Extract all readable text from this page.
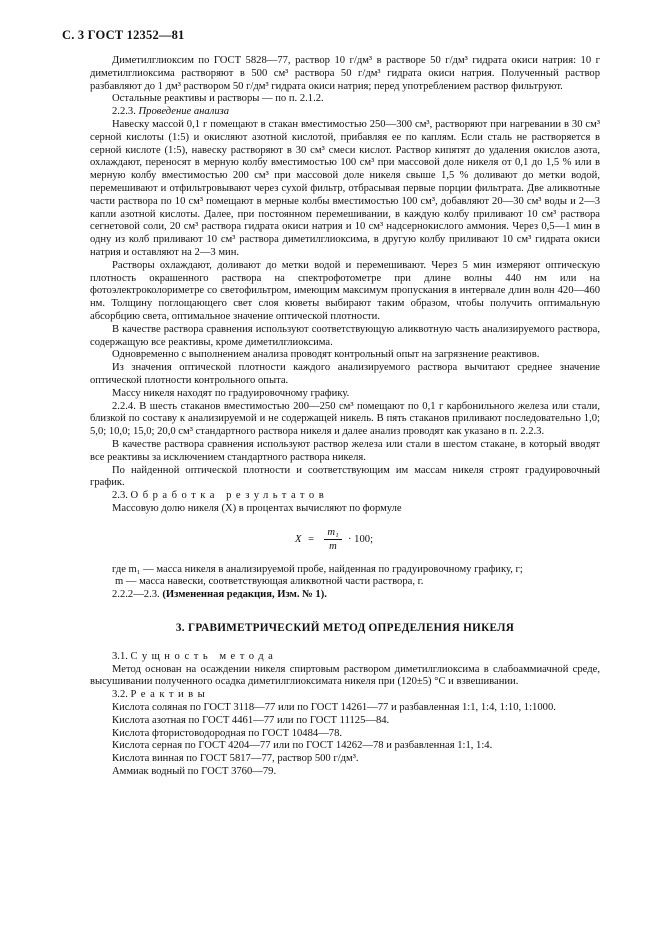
С. 3 ГОСТ 12352—81

Диметилглиоксим по ГОСТ 5828—77, раствор 10 г/дм³ в растворе 50 г/дм³ гидрата окиси натрия: 10 г диметилглиоксима растворяют в 500 см³ раствора 50 г/дм³ гидрата окиси натрия. Полученный раствор разбавляют до 1 дм³ раствором 50 г/дм³ гидрата окиси натрия; перед употреблением раствор фильтруют.

Остальные реактивы и растворы — по п. 2.1.2.

2.2.3. Проведение анализа

Навеску массой 0,1 г помещают в стакан вместимостью 250—300 см³, растворяют при нагревании в 30 см³ серной кислоты (1:5) и окисляют азотной кислотой, прибавляя ее по каплям. Если сталь не растворяется в серной кислоте (1:5), навеску растворяют в 30 см³ смеси кислот. Раствор кипятят до удаления окислов азота, охлаждают, переносят в мерную колбу вместимостью 100 см³ при массовой доле никеля от 0,1 до 1,5 % или в мерную колбу вместимостью 200 см³ при массовой доле никеля свыше 1,5 % доливают до метки водой, перемешивают и отфильтровывают через сухой фильтр, отбрасывая первые порции фильтрата. Две аликвотные части раствора по 10 см³ помещают в мерные колбы вместимостью 100 см³, добавляют 20—30 см³ воды и 2—3 капли азотной кислоты. Далее, при постоянном перемешивании, в каждую колбу приливают 10 см³ раствора сегнетовой соли, 20 см³ раствора гидрата окиси натрия и 10 см³ надсернокислого аммония. Через 0,5—1 мин в одну из колб приливают 10 см³ раствора диметилглиоксима, в другую колбу приливают 10 см³ гидрата окиси натрия и оставляют на 2—3 мин.

Растворы охлаждают, доливают до метки водой и перемешивают. Через 5 мин измеряют оптическую плотность окрашенного раствора на спектрофотометре при длине волны 440 нм или на фотоэлектроколориметре со светофильтром, имеющим максимум пропускания в интервале длин волн 420—460 нм. Толщину поглощающего свет слоя кюветы выбирают таким образом, чтобы получить оптимальную абсорбцию света, оптимальное значение оптической плотности.

В качестве раствора сравнения используют соответствующую аликвотную часть анализируемого раствора, содержащую все реактивы, кроме диметилглиоксима.

Одновременно с выполнением анализа проводят контрольный опыт на загрязнение реактивов.

Из значения оптической плотности каждого анализируемого раствора вычитают среднее значение оптической плотности контрольного опыта.

Массу никеля находят по градуировочному графику.

2.2.4. В шесть стаканов вместимостью 200—250 см³ помещают по 0,1 г карбонильного железа или стали, близкой по составу к анализируемой и не содержащей никель. В пять стаканов приливают последовательно 1,0; 5,0; 10,0; 15,0; 20,0 см³ стандартного раствора никеля и далее анализ проводят как указано в п. 2.2.3.

В качестве раствора сравнения используют раствор железа или стали в шестом стакане, в который вводят все реактивы за исключением стандартного раствора никеля.

По найденной оптической плотности и соответствующим им массам никеля строят градуировочный график.

2.3. Обработка результатов

Массовую долю никеля (X) в процентах вычисляют по формуле

$X = \frac{\text{m₁}}{m} \cdot 100$;

где m₁ — масса никеля в анализируемой пробе, найденная по градуировочному графику, г;

m — масса навески, соответствующая аликвотной части раствора, г.

2.2.2—2.3. (Измененная редакция, Изм. № 1).

3. ГРАВИМЕТРИЧЕСКИЙ МЕТОД ОПРЕДЕЛЕНИЯ НИКЕЛЯ

3.1. Сущность метода

Метод основан на осаждении никеля спиртовым раствором диметилглиоксима в слабоаммиачной среде, высушивании полученного осадка диметилглиоксимата никеля при (120±5) °С и взвешивании.

3.2. Реактивы

Кислота соляная по ГОСТ 3118—77 или по ГОСТ 14261—77 и разбавленная 1:1, 1:4, 1:10, 1:1000.

Кислота азотная по ГОСТ 4461—77 или по ГОСТ 11125—84.

Кислота фтористоводородная по ГОСТ 10484—78.

Кислота серная по ГОСТ 4204—77 или по ГОСТ 14262—78 и разбавленная 1:1, 1:4.

Кислота винная по ГОСТ 5817—77, раствор 500 г/дм³.

Аммиак водный по ГОСТ 3760—79.
